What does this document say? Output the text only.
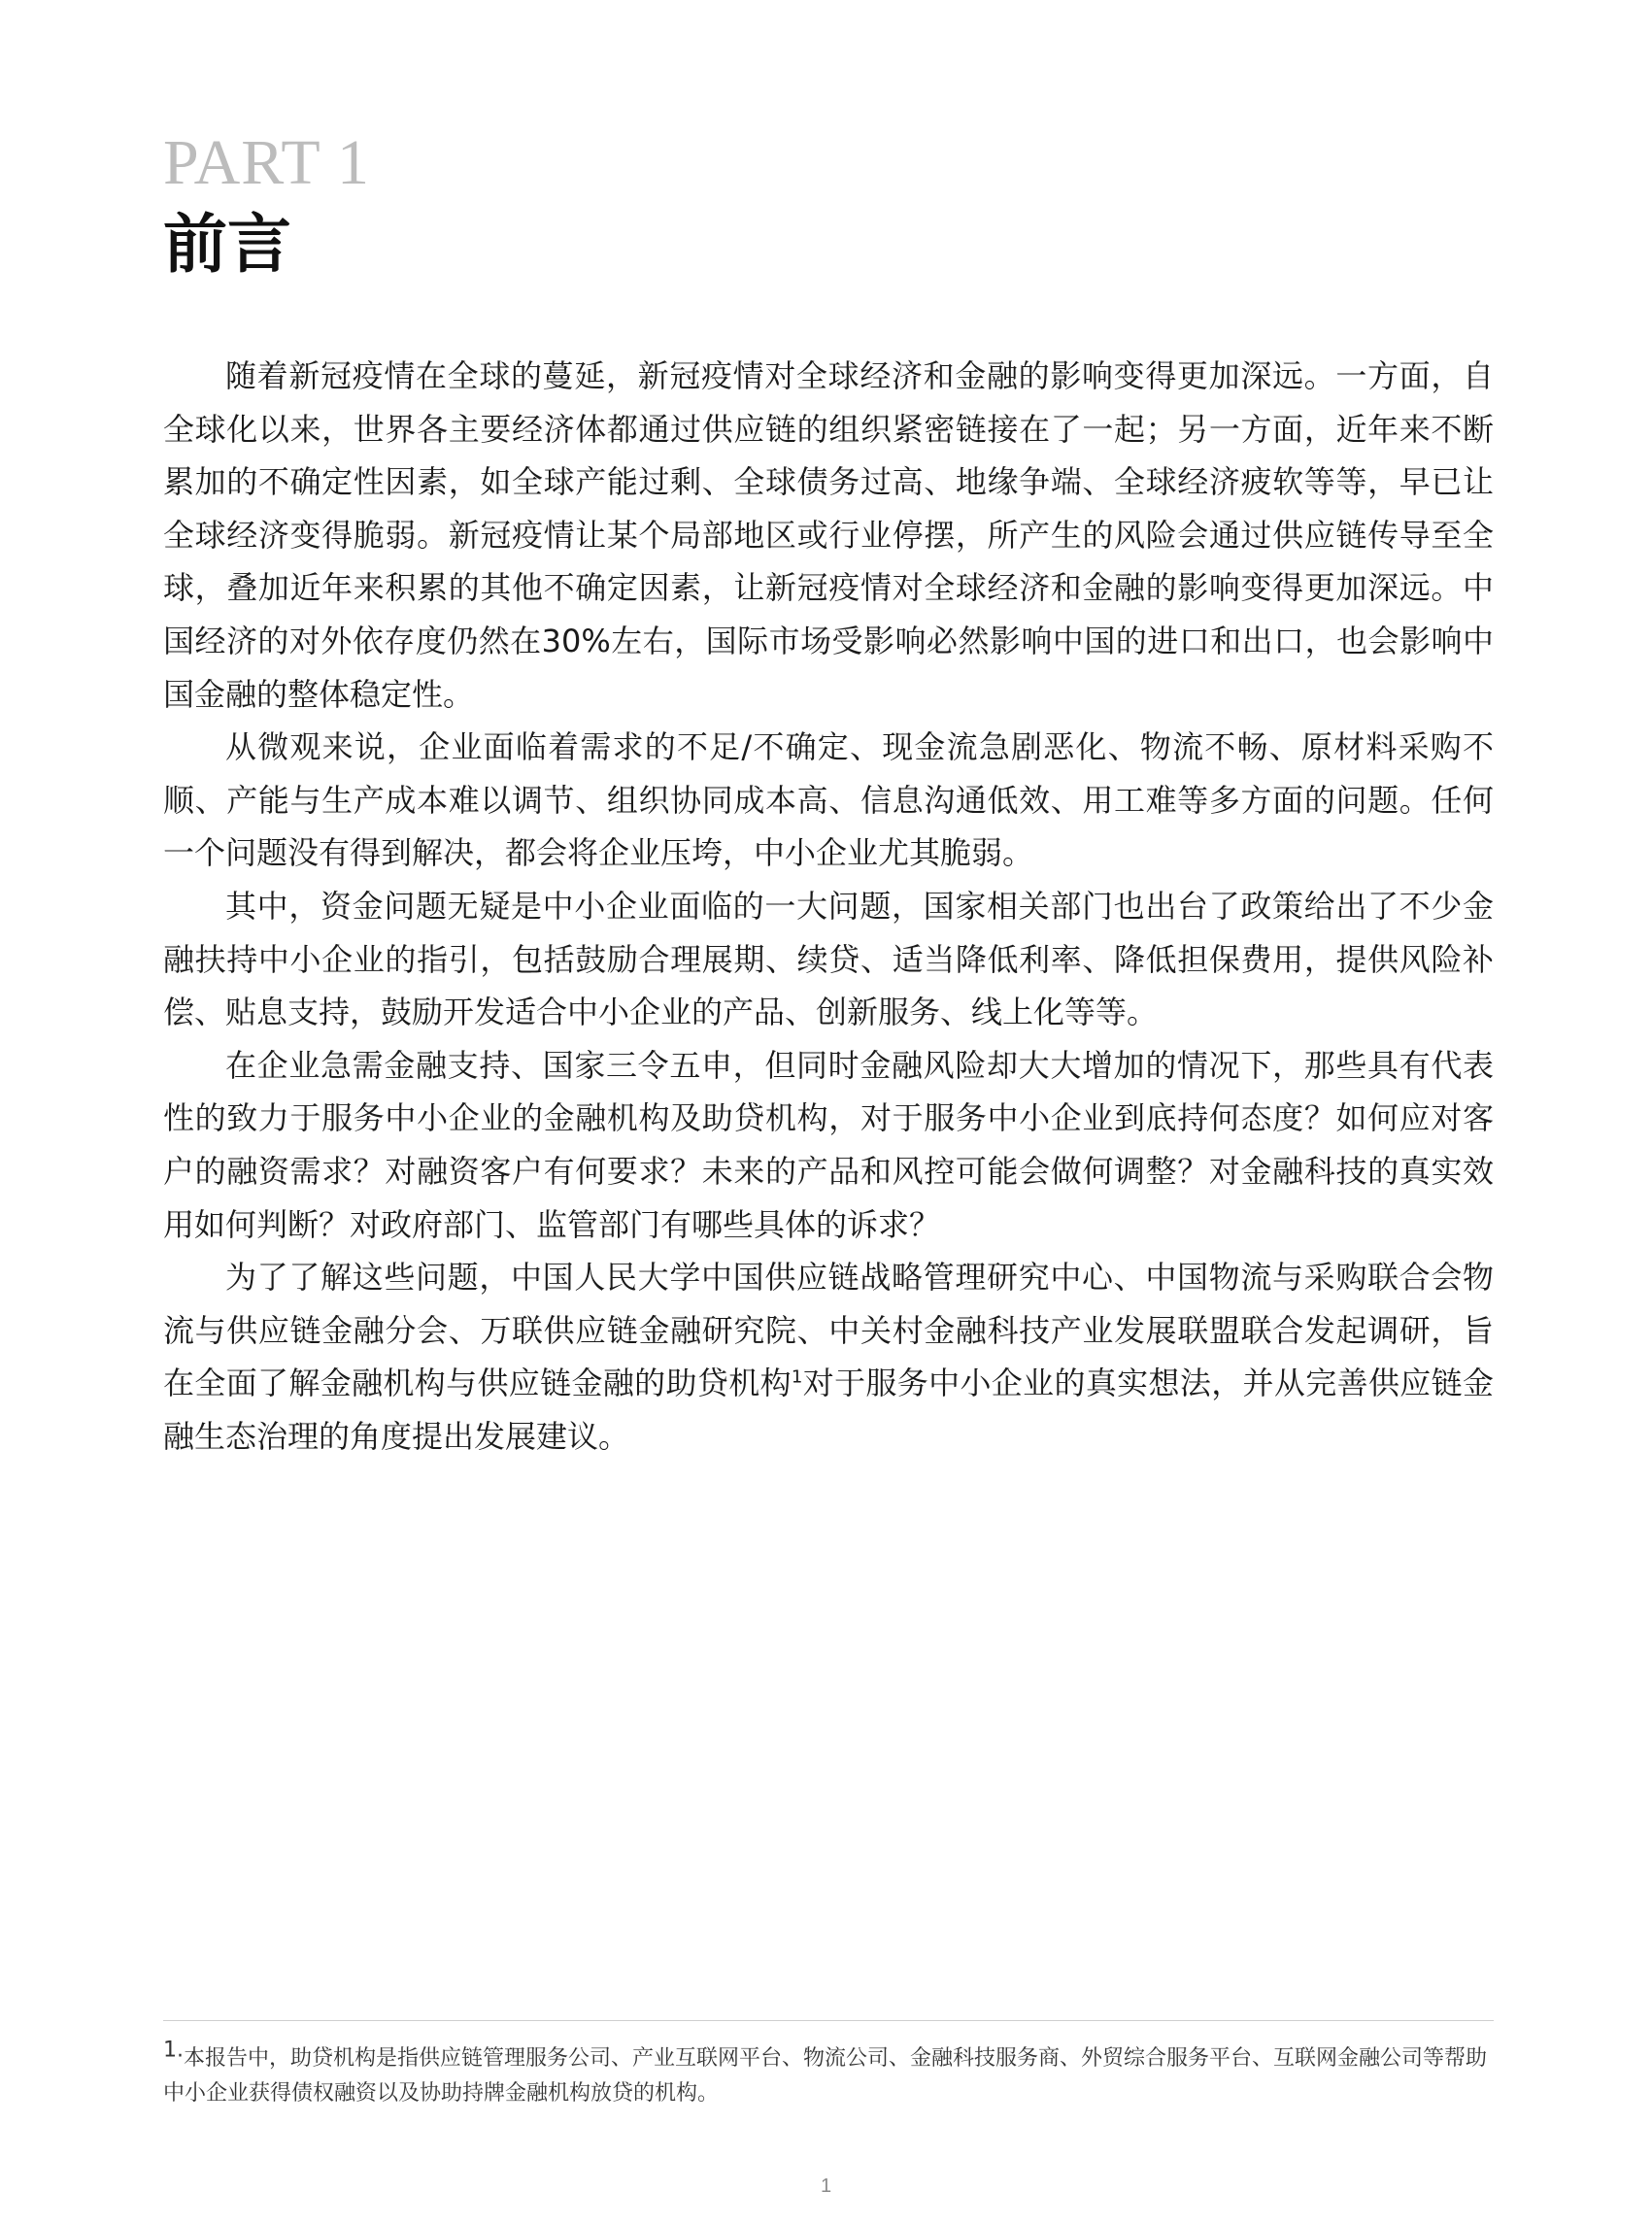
PART 1
前言

随着新冠疫情在全球的蔓延，新冠疫情对全球经济和金融的影响变得更加深远。一方面，自全球化以来，世界各主要经济体都通过供应链的组织紧密链接在了一起；另一方面，近年来不断累加的不确定性因素，如全球产能过剩、全球债务过高、地缘争端、全球经济疲软等等，早已让全球经济变得脆弱。新冠疫情让某个局部地区或行业停摆，所产生的风险会通过供应链传导至全球，叠加近年来积累的其他不确定因素，让新冠疫情对全球经济和金融的影响变得更加深远。中国经济的对外依存度仍然在30%左右，国际市场受影响必然影响中国的进口和出口，也会影响中国金融的整体稳定性。

从微观来说，企业面临着需求的不足/不确定、现金流急剧恶化、物流不畅、原材料采购不顺、产能与生产成本难以调节、组织协同成本高、信息沟通低效、用工难等多方面的问题。任何一个问题没有得到解决，都会将企业压垮，中小企业尤其脆弱。

其中，资金问题无疑是中小企业面临的一大问题，国家相关部门也出台了政策给出了不少金融扶持中小企业的指引，包括鼓励合理展期、续贷、适当降低利率、降低担保费用，提供风险补偿、贴息支持，鼓励开发适合中小企业的产品、创新服务、线上化等等。

在企业急需金融支持、国家三令五申，但同时金融风险却大大增加的情况下，那些具有代表性的致力于服务中小企业的金融机构及助贷机构，对于服务中小企业到底持何态度？如何应对客户的融资需求？对融资客户有何要求？未来的产品和风控可能会做何调整？对金融科技的真实效用如何判断？对政府部门、监管部门有哪些具体的诉求？

为了了解这些问题，中国人民大学中国供应链战略管理研究中心、中国物流与采购联合会物流与供应链金融分会、万联供应链金融研究院、中关村金融科技产业发展联盟联合发起调研，旨在全面了解金融机构与供应链金融的助贷机构$^1$对于服务中小企业的真实想法，并从完善供应链金融生态治理的角度提出发展建议。

1.本报告中，助贷机构是指供应链管理服务公司、产业互联网平台、物流公司、金融科技服务商、外贸综合服务平台、互联网金融公司等帮助中小企业获得债权融资以及协助持牌金融机构放贷的机构。
1
